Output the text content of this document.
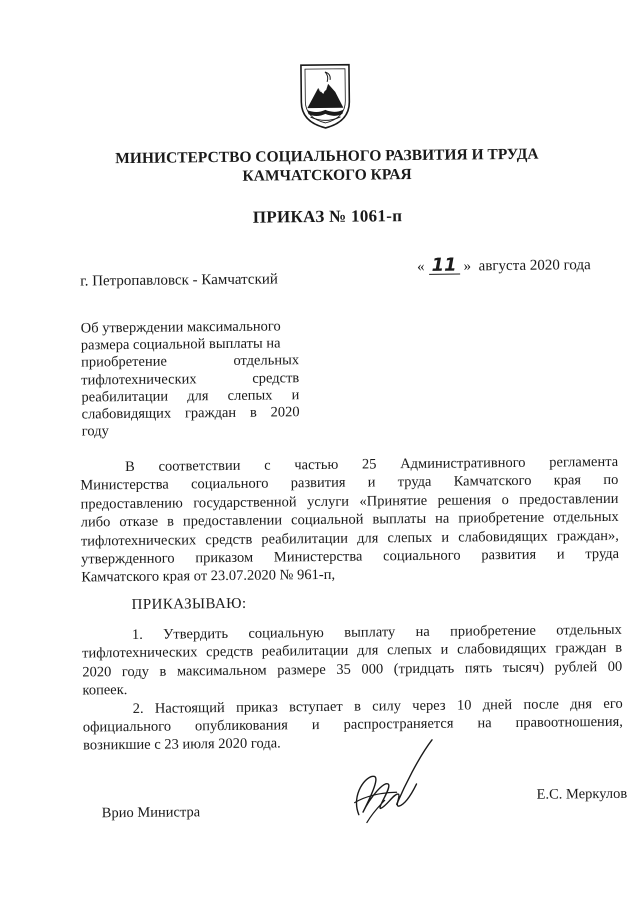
МИНИСТЕРСТВО СОЦИАЛЬНОГО РАЗВИТИЯ И ТРУДА
КАМЧАТСКОГО КРАЯ
ПРИКАЗ № 1061-п
г. Петропавловск - Камчатский
« 11 » августа 2020 года
Об утверждении максимального
размера социальной выплаты на
приобретение отдельных
тифлотехнических средств
реабилитации для слепых и
слабовидящих граждан в 2020
году
В соответствии с частью 25 Административного регламента
Министерства социального развития и труда Камчатского края по
предоставлению государственной услуги «Принятие решения о предоставлении
либо отказе в предоставлении социальной выплаты на приобретение отдельных
тифлотехнических средств реабилитации для слепых и слабовидящих граждан»,
утвержденного приказом Министерства социального развития и труда
Камчатского края от 23.07.2020 № 961-п,
ПРИКАЗЫВАЮ:
1. Утвердить социальную выплату на приобретение отдельных
тифлотехнических средств реабилитации для слепых и слабовидящих граждан в
2020 году в максимальном размере 35 000 (тридцать пять тысяч) рублей 00
копеек.
2. Настоящий приказ вступает в силу через 10 дней после дня его
официального опубликования и распространяется на правоотношения,
возникшие с 23 июля 2020 года.
Врио Министра
Е.С. Меркулов
